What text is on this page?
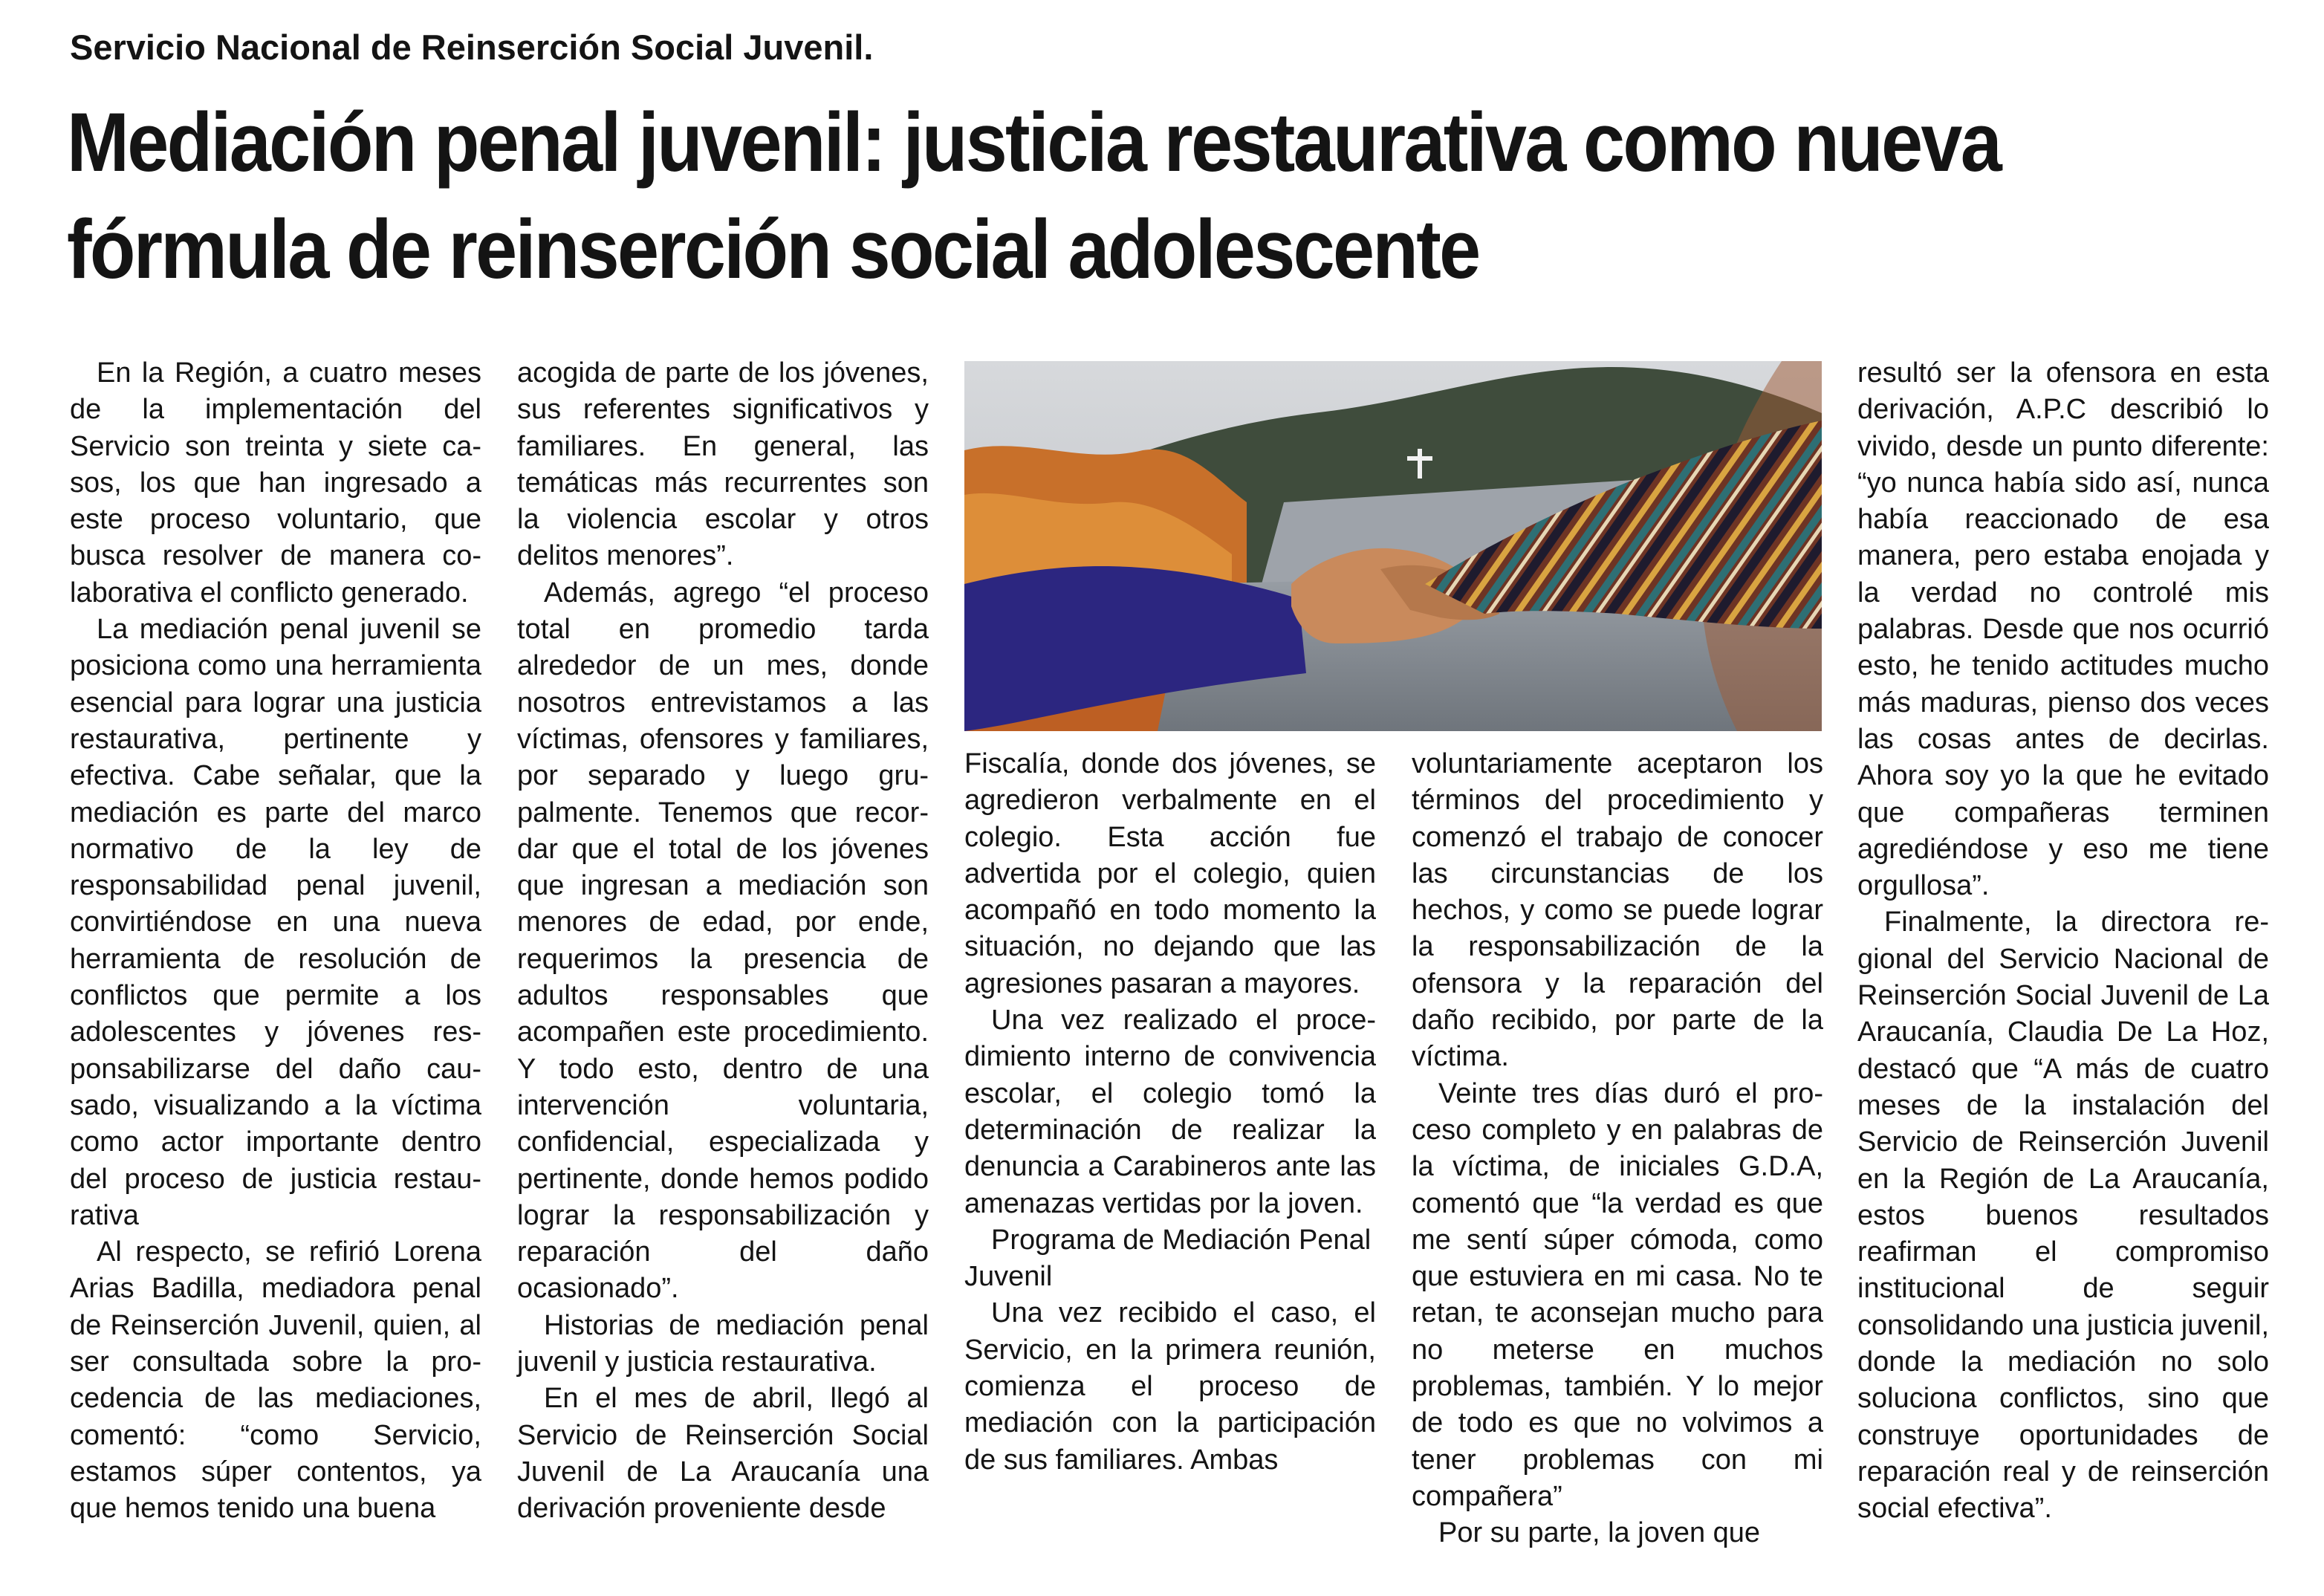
Servicio Nacional de Reinserción Social Juvenil.
Mediación penal juvenil: justicia restaurativa como nueva
fórmula de reinserción social adolescente

En la Región, a cuatro meses de la implementación del Servicio son treinta y siete casos, los que han ingresado a este proceso voluntario, que busca resolver de manera colaborativa el conflicto generado.

La mediación penal juvenil se posiciona como una herramienta esencial para lograr una justicia restaurativa, pertinente y efectiva. Cabe señalar, que la mediación es parte del marco normativo de la ley de responsabilidad penal juvenil, convirtiéndose en una nueva herramienta de resolución de conflictos que permite a los adolescentes y jóvenes responsabilizarse del daño causado, visualizando a la víctima como actor importante dentro del proceso de justicia restaurativa

Al respecto, se refirió Lorena Arias Badilla, mediadora penal de Reinserción Juvenil, quien, al ser consultada sobre la procedencia de las mediaciones, comentó: “como Servicio, estamos súper contentos, ya que hemos tenido una buena

acogida de parte de los jóvenes, sus referentes significativos y familiares. En general, las temáticas más recurrentes son la violencia escolar y otros delitos menores”.

Además, agrego “el proceso total en promedio tarda alrededor de un mes, donde nosotros entrevistamos a las víctimas, ofensores y familiares, por separado y luego grupalmente. Tenemos que recordar que el total de los jóvenes que ingresan a mediación son menores de edad, por ende, requerimos la presencia de adultos responsables que acompañen este procedimiento. Y todo esto, dentro de una intervención voluntaria, confidencial, especializada y pertinente, donde hemos podido lograr la responsabilización y reparación del daño ocasionado”.

Historias de mediación penal juvenil y justicia restaurativa.

En el mes de abril, llegó al Servicio de Reinserción Social Juvenil de La Araucanía una derivación proveniente desde

Fiscalía, donde dos jóvenes, se agredieron verbalmente en el colegio. Esta acción fue advertida por el colegio, quien acompañó en todo momento la situación, no dejando que las agresiones pasaran a mayores.

Una vez realizado el procedimiento interno de convivencia escolar, el colegio tomó la determinación de realizar la denuncia a Carabineros ante las amenazas vertidas por la joven.

Programa de Mediación Penal Juvenil

Una vez recibido el caso, el Servicio, en la primera reunión, comienza el proceso de mediación con la participación de sus familiares. Ambas

voluntariamente aceptaron los términos del procedimiento y comenzó el trabajo de conocer las circunstancias de los hechos, y como se puede lograr la responsabilización de la ofensora y la reparación del daño recibido, por parte de la víctima.

Veinte tres días duró el proceso completo y en palabras de la víctima, de iniciales G.D.A, comentó que “la verdad es que me sentí súper cómoda, como que estuviera en mi casa. No te retan, te aconsejan mucho para no meterse en muchos problemas, también. Y lo mejor de todo es que no volvimos a tener problemas con mi compañera”

Por su parte, la joven que

resultó ser la ofensora en esta derivación, A.P.C describió lo vivido, desde un punto diferente: “yo nunca había sido así, nunca había reaccionado de esa manera, pero estaba enojada y la verdad no controlé mis palabras. Desde que nos ocurrió esto, he tenido actitudes mucho más maduras, pienso dos veces las cosas antes de decirlas. Ahora soy yo la que he evitado que compañeras terminen agrediéndose y eso me tiene orgullosa”.

Finalmente, la directora regional del Servicio Nacional de Reinserción Social Juvenil de La Araucanía, Claudia De La Hoz, destacó que “A más de cuatro meses de la instalación del Servicio de Reinserción Juvenil en la Región de La Araucanía, estos buenos resultados reafirman el compromiso institucional de seguir consolidando una justicia juvenil, donde la mediación no solo soluciona conflictos, sino que construye oportunidades de reparación real y de reinserción social efectiva”.
